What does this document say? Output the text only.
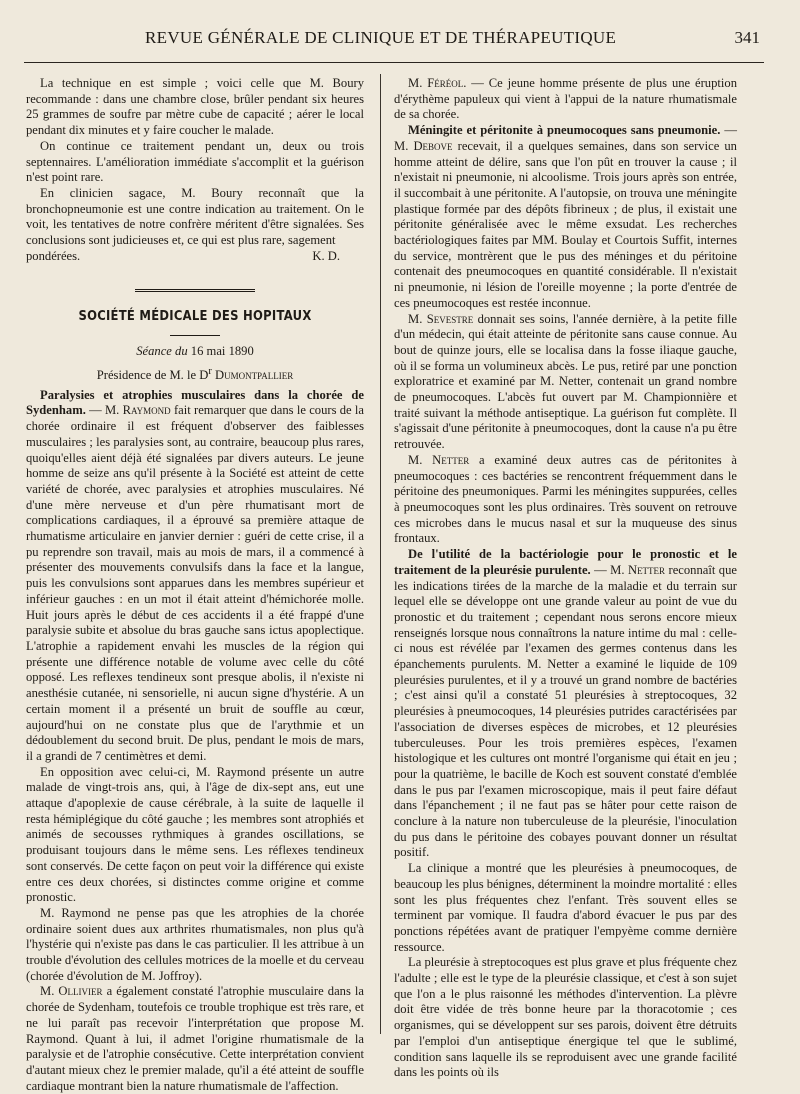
REVUE GÉNÉRALE DE CLINIQUE ET DE THÉRAPEUTIQUE	341

La technique en est simple ; voici celle que M. Boury recommande : dans une chambre close, brûler pendant six heures 25 grammes de soufre par mètre cube de capacité ; aérer le local pendant dix minutes et y faire coucher le malade.

On continue ce traitement pendant un, deux ou trois septennaires. L'amélioration immédiate s'accomplit et la guérison n'est point rare.

En clinicien sagace, M. Boury reconnaît que la bronchopneumonie est une contre indication au traitement. On le voit, les tentatives de notre confrère méritent d'être signalées. Ses conclusions sont judicieuses et, ce qui est plus rare, sagement

pondérées.	K. D.

SOCIÉTÉ MÉDICALE DES HOPITAUX

Séance du 16 mai 1890

Présidence de M. le $D^r$ Dumontpallier

Paralysies et atrophies musculaires dans la chorée de Sydenham. — M. Raymond fait remarquer que dans le cours de la chorée ordinaire il est fréquent d'observer des faiblesses musculaires ; les paralysies sont, au contraire, beaucoup plus rares, quoiqu'elles aient déjà été signalées par divers auteurs. Le jeune homme de seize ans qu'il présente à la Société est atteint de cette variété de chorée, avec paralysies et atrophies musculaires. Né d'une mère nerveuse et d'un père rhumatisant mort de complications cardiaques, il a éprouvé sa première attaque de rhumatisme articulaire en janvier dernier : guéri de cette crise, il a pu reprendre son travail, mais au mois de mars, il a commencé à présenter des mouvements convulsifs dans la face et la langue, puis les convulsions sont apparues dans les membres supérieur et inférieur gauches : en un mot il était atteint d'hémichorée molle. Huit jours après le début de ces accidents il a été frappé d'une paralysie subite et absolue du bras gauche sans ictus apoplectique. L'atrophie a rapidement envahi les muscles de la région qui présente une différence notable de volume avec celle du côté opposé. Les reflexes tendineux sont presque abolis, il n'existe ni anesthésie cutanée, ni sensorielle, ni aucun signe d'hystérie. A un certain moment il a présenté un bruit de souffle au cœur, aujourd'hui on ne constate plus que de l'arythmie et un dédoublement du second bruit. De plus, pendant le mois de mars, il a grandi de 7 centimètres et demi.

En opposition avec celui-ci, M. Raymond présente un autre malade de vingt-trois ans, qui, à l'âge de dix-sept ans, eut une attaque d'apoplexie de cause cérébrale, à la suite de laquelle il resta hémiplégique du côté gauche ; les membres sont atrophiés et animés de secousses rythmiques à grandes oscillations, se produisant toujours dans le même sens. Les réflexes tendineux sont conservés. De cette façon on peut voir la différence qui existe entre ces deux chorées, si distinctes comme origine et comme pronostic.

M. Raymond ne pense pas que les atrophies de la chorée ordinaire soient dues aux arthrites rhumatismales, non plus qu'à l'hystérie qui n'existe pas dans le cas particulier. Il les attribue à un trouble d'évolution des cellules motrices de la moelle et du cerveau (chorée d'évolution de M. Joffroy).

M. Ollivier a également constaté l'atrophie musculaire dans la chorée de Sydenham, toutefois ce trouble trophique est très rare, et ne lui paraît pas recevoir l'interprétation que propose M. Raymond. Quant à lui, il admet l'origine rhumatismale de la paralysie et de l'atrophie consécutive. Cette interprétation convient d'autant mieux chez le premier malade, qu'il a été atteint de souffle cardiaque montrant bien la nature rhumatismale de l'affection.

M. Féréol. — Ce jeune homme présente de plus une éruption d'érythème papuleux qui vient à l'appui de la nature rhumatismale de sa chorée.

Méningite et péritonite à pneumocoques sans pneumonie. — M. Debove recevait, il a quelques semaines, dans son service un homme atteint de délire, sans que l'on pût en trouver la cause ; il n'existait ni pneumonie, ni alcoolisme. Trois jours après son entrée, il succombait à une péritonite. A l'autopsie, on trouva une méningite plastique formée par des dépôts fibrineux ; de plus, il existait une péritonite généralisée avec le même exsudat. Les recherches bactériologiques faites par MM. Boulay et Courtois Suffit, internes du service, montrèrent que le pus des méninges et du péritoine contenait des pneumocoques en quantité considérable. Il n'existait ni pneumonie, ni lésion de l'oreille moyenne ; la porte d'entrée de ces pneumocoques est restée inconnue.

M. Sevestre donnait ses soins, l'année dernière, à la petite fille d'un médecin, qui était atteinte de péritonite sans cause connue. Au bout de quinze jours, elle se localisa dans la fosse iliaque gauche, où il se forma un volumineux abcès. Le pus, retiré par une ponction exploratrice et examiné par M. Netter, contenait un grand nombre de pneumocoques. L'abcès fut ouvert par M. Championnière et traité suivant la méthode antiseptique. La guérison fut complète. Il s'agissait d'une péritonite à pneumocoques, dont la cause n'a pu être retrouvée.

M. Netter a examiné deux autres cas de péritonites à pneumocoques : ces bactéries se rencontrent fréquemment dans le péritoine des pneumoniques. Parmi les méningites suppurées, celles à pneumocoques sont les plus ordinaires. Très souvent on retrouve ces microbes dans le mucus nasal et sur la muqueuse des sinus frontaux.

De l'utilité de la bactériologie pour le pronostic et le traitement de la pleurésie purulente. — M. Netter reconnaît que les indications tirées de la marche de la maladie et du terrain sur lequel elle se développe ont une grande valeur au point de vue du pronostic et du traitement ; cependant nous serons encore mieux renseignés lorsque nous connaîtrons la nature intime du mal : celle-ci nous est révélée par l'examen des germes contenus dans les épanchements purulents. M. Netter a examiné le liquide de 109 pleurésies purulentes, et il y a trouvé un grand nombre de bactéries ; c'est ainsi qu'il a constaté 51 pleurésies à streptocoques, 32 pleurésies à pneumocoques, 14 pleurésies putrides caractérisées par l'association de diverses espèces de microbes, et 12 pleurésies tuberculeuses. Pour les trois premières espèces, l'examen histologique et les cultures ont montré l'organisme qui était en jeu ; pour la quatrième, le bacille de Koch est souvent constaté d'emblée dans le pus par l'examen microscopique, mais il peut faire défaut dans l'épanchement ; il ne faut pas se hâter pour cette raison de conclure à la nature non tuberculeuse de la pleurésie, l'inoculation du pus dans le péritoine des cobayes pouvant donner un résultat positif.

La clinique a montré que les pleurésies à pneumocoques, de beaucoup les plus bénignes, déterminent la moindre mortalité : elles sont les plus fréquentes chez l'enfant. Très souvent elles se terminent par vomique. Il faudra d'abord évacuer le pus par des ponctions répétées avant de pratiquer l'empyème comme dernière ressource.

La pleurésie à streptocoques est plus grave et plus fréquente chez l'adulte ; elle est le type de la pleurésie classique, et c'est à son sujet que l'on a le plus raisonné les méthodes d'intervention. La plèvre doit être vidée de très bonne heure par la thoracotomie ; ces organismes, qui se développent sur ses parois, doivent être détruits par l'emploi d'un antiseptique énergique tel que le sublimé, condition sans laquelle ils se reproduisent avec une grande facilité dans les points où ils
